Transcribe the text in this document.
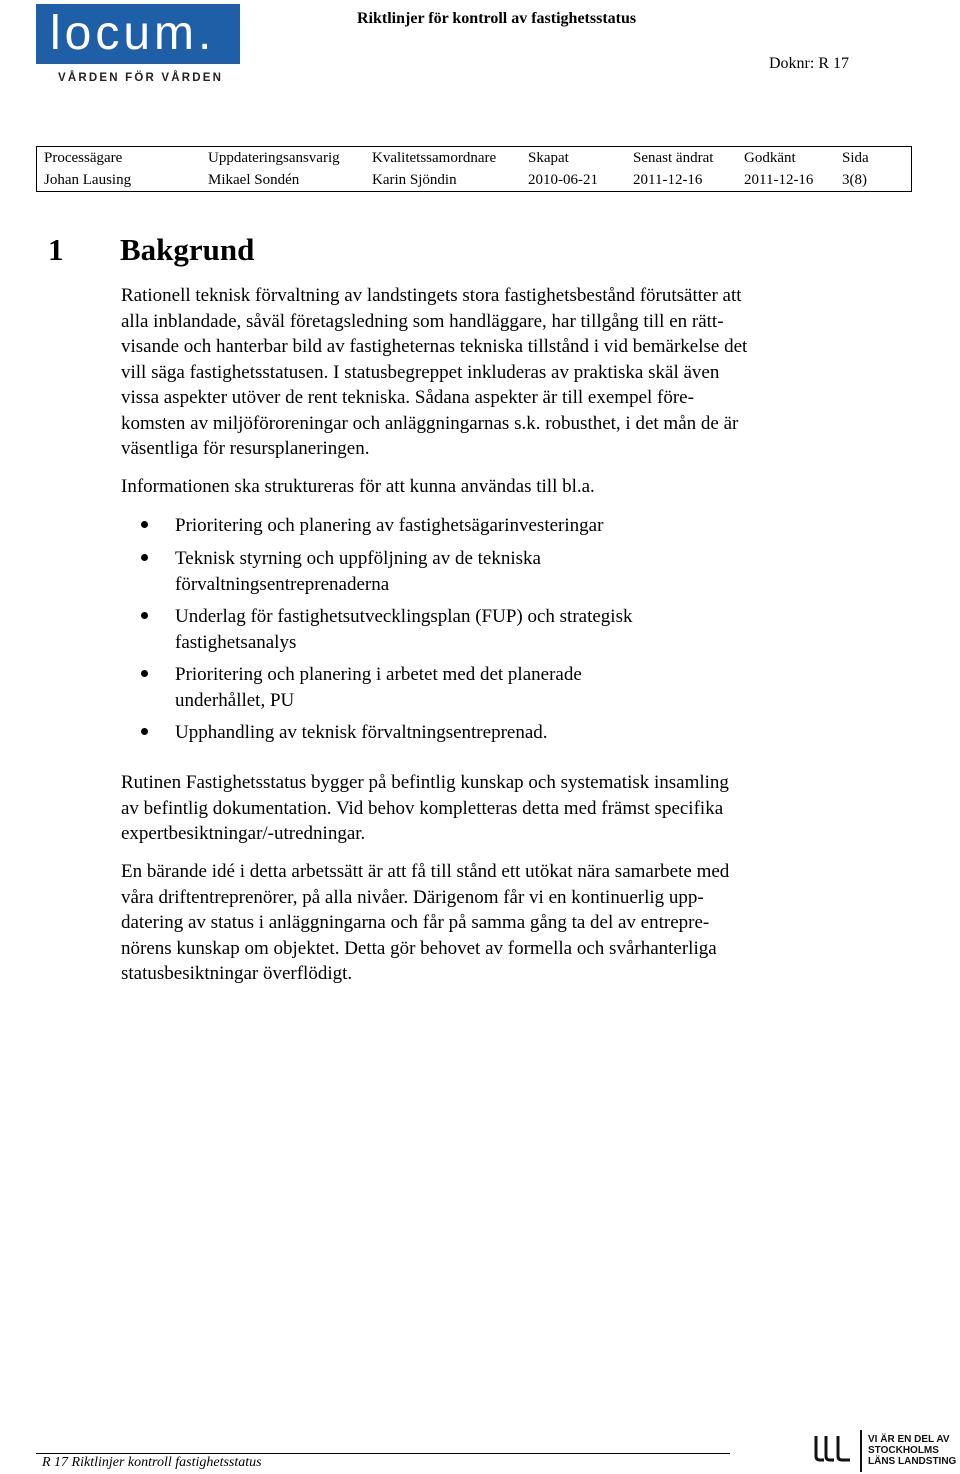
locum.
VÅRDEN FÖR VÅRDEN
Riktlinjer för kontroll av fastighetsstatus
Doknr: R 17
Processägare
Johan Lausing
Uppdateringsansvarig
Mikael Sondén
Kvalitetssamordnare
Karin Sjöndin
Skapat
2010-06-21
Senast ändrat
2011-12-16
Godkänt
2011-12-16
Sida
3(8)
1 Bakgrund
Rationell teknisk förvaltning av landstingets stora fastighetsbestånd förutsätter att
alla inblandade, såväl företagsledning som handläggare, har tillgång till en rätt-
visande och hanterbar bild av fastigheternas tekniska tillstånd i vid bemärkelse det
vill säga fastighetsstatusen. I statusbegreppet inkluderas av praktiska skäl även
vissa aspekter utöver de rent tekniska. Sådana aspekter är till exempel före-
komsten av miljöföroreningar och anläggningarnas s.k. robusthet, i det mån de är
väsentliga för resursplaneringen.
Informationen ska struktureras för att kunna användas till bl.a.
Prioritering och planering av fastighetsägarinvesteringar
Teknisk styrning och uppföljning av de tekniska
förvaltningsentreprenaderna
Underlag för fastighetsutvecklingsplan (FUP) och strategisk
fastighetsanalys
Prioritering och planering i arbetet med det planerade
underhållet, PU
Upphandling av teknisk förvaltningsentreprenad.
Rutinen Fastighetsstatus bygger på befintlig kunskap och systematisk insamling
av befintlig dokumentation. Vid behov kompletteras detta med främst specifika
expertbesiktningar/-utredningar.
En bärande idé i detta arbetssätt är att få till stånd ett utökat nära samarbete med
våra driftentreprenörer, på alla nivåer. Därigenom får vi en kontinuerlig upp-
datering av status i anläggningarna och får på samma gång ta del av entrepre-
nörens kunskap om objektet. Detta gör behovet av formella och svårhanterliga
statusbesiktningar överflödigt.
R 17 Riktlinjer kontroll fastighetsstatus
VI ÄR EN DEL AV
STOCKHOLMS
LÄNS LANDSTING
